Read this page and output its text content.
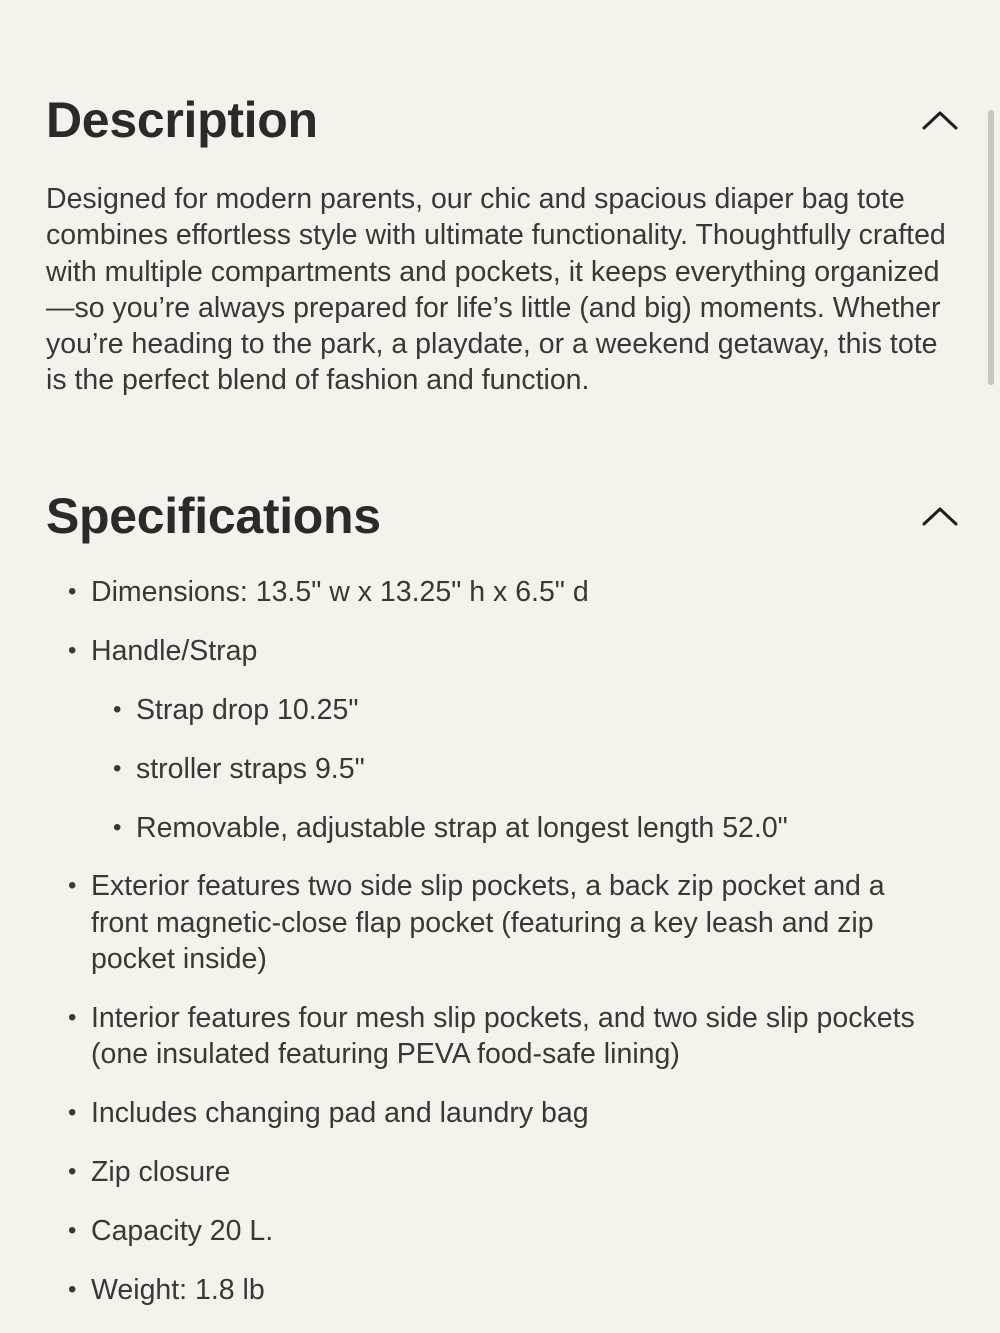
Description

Designed for modern parents, our chic and spacious diaper bag tote combines effortless style with ultimate functionality. Thoughtfully crafted with multiple compartments and pockets, it keeps everything organized—so you’re always prepared for life’s little (and big) moments. Whether you’re heading to the park, a playdate, or a weekend getaway, this tote is the perfect blend of fashion and function.

Specifications
• Dimensions: 13.5" w x 13.25" h x 6.5" d
• Handle/Strap
• Strap drop 10.25"
• stroller straps 9.5"
• Removable, adjustable strap at longest length 52.0"
• Exterior features two side slip pockets, a back zip pocket and a front magnetic-close flap pocket (featuring a key leash and zip pocket inside)
• Interior features four mesh slip pockets, and two side slip pockets (one insulated featuring PEVA food-safe lining)
• Includes changing pad and laundry bag
• Zip closure
• Capacity 20 L.
• Weight: 1.8 lb
